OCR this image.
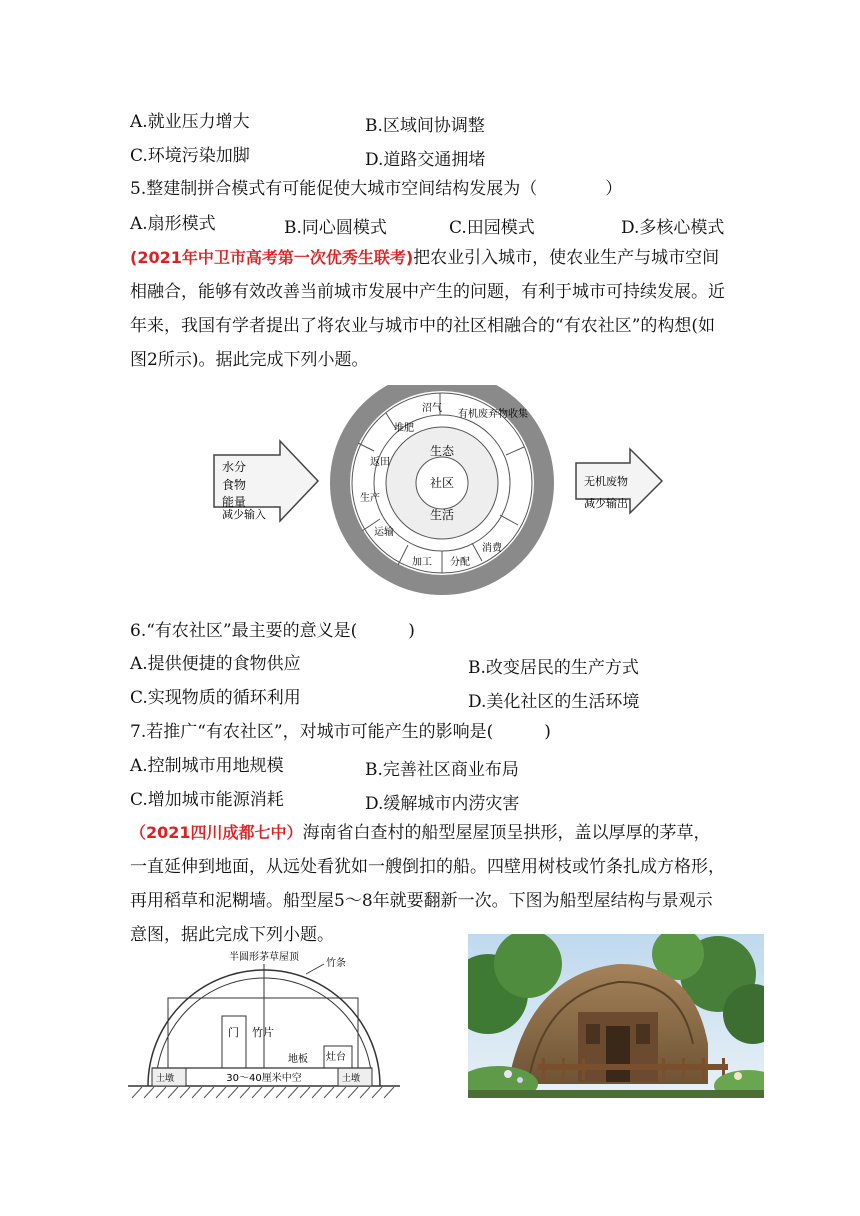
A.就业压力增大	B.区域间协调整
C.环境污染加脚	D.道路交通拥堵
5.整建制拼合模式有可能促使大城市空间结构发展为（　　　　）
A.扇形模式	B.同心圆模式	C.田园模式	D.多核心模式
(2021年中卫市高考第一次优秀生联考)把农业引入城市，使农业生产与城市空间
相融合，能够有效改善当前城市发展中产生的问题，有利于城市可持续发展。近
年来，我国有学者提出了将农业与城市中的社区相融合的“有农社区”的构想(如
图2所示)。据此完成下列小题。
水分
食物
能量
减少输入
返田
堆肥
沼气
有机废弃物收集
消费
分配
加工
运输
生产
生态
社区
生活
无机废物
减少输出
6.“有农社区”最主要的意义是(　　　)
A.提供便捷的食物供应	B.改变居民的生产方式
C.实现物质的循环利用	D.美化社区的生活环境
7.若推广“有农社区”，对城市可能产生的影响是(　　　)
A.控制城市用地规模	B.完善社区商业布局
C.增加城市能源消耗	D.缓解城市内涝灾害
（2021四川成都七中）海南省白查村的船型屋屋顶呈拱形，盖以厚厚的茅草，
一直延伸到地面，从远处看犹如一艘倒扣的船。四壁用树枝或竹条扎成方格形，
再用稻草和泥糊墙。船型屋5～8年就要翻新一次。下图为船型屋结构与景观示
意图，据此完成下列小题。
半圆形茅草屋顶
竹条
门 竹片
灶台
地板
土墩	土墩
30～40厘米中空
